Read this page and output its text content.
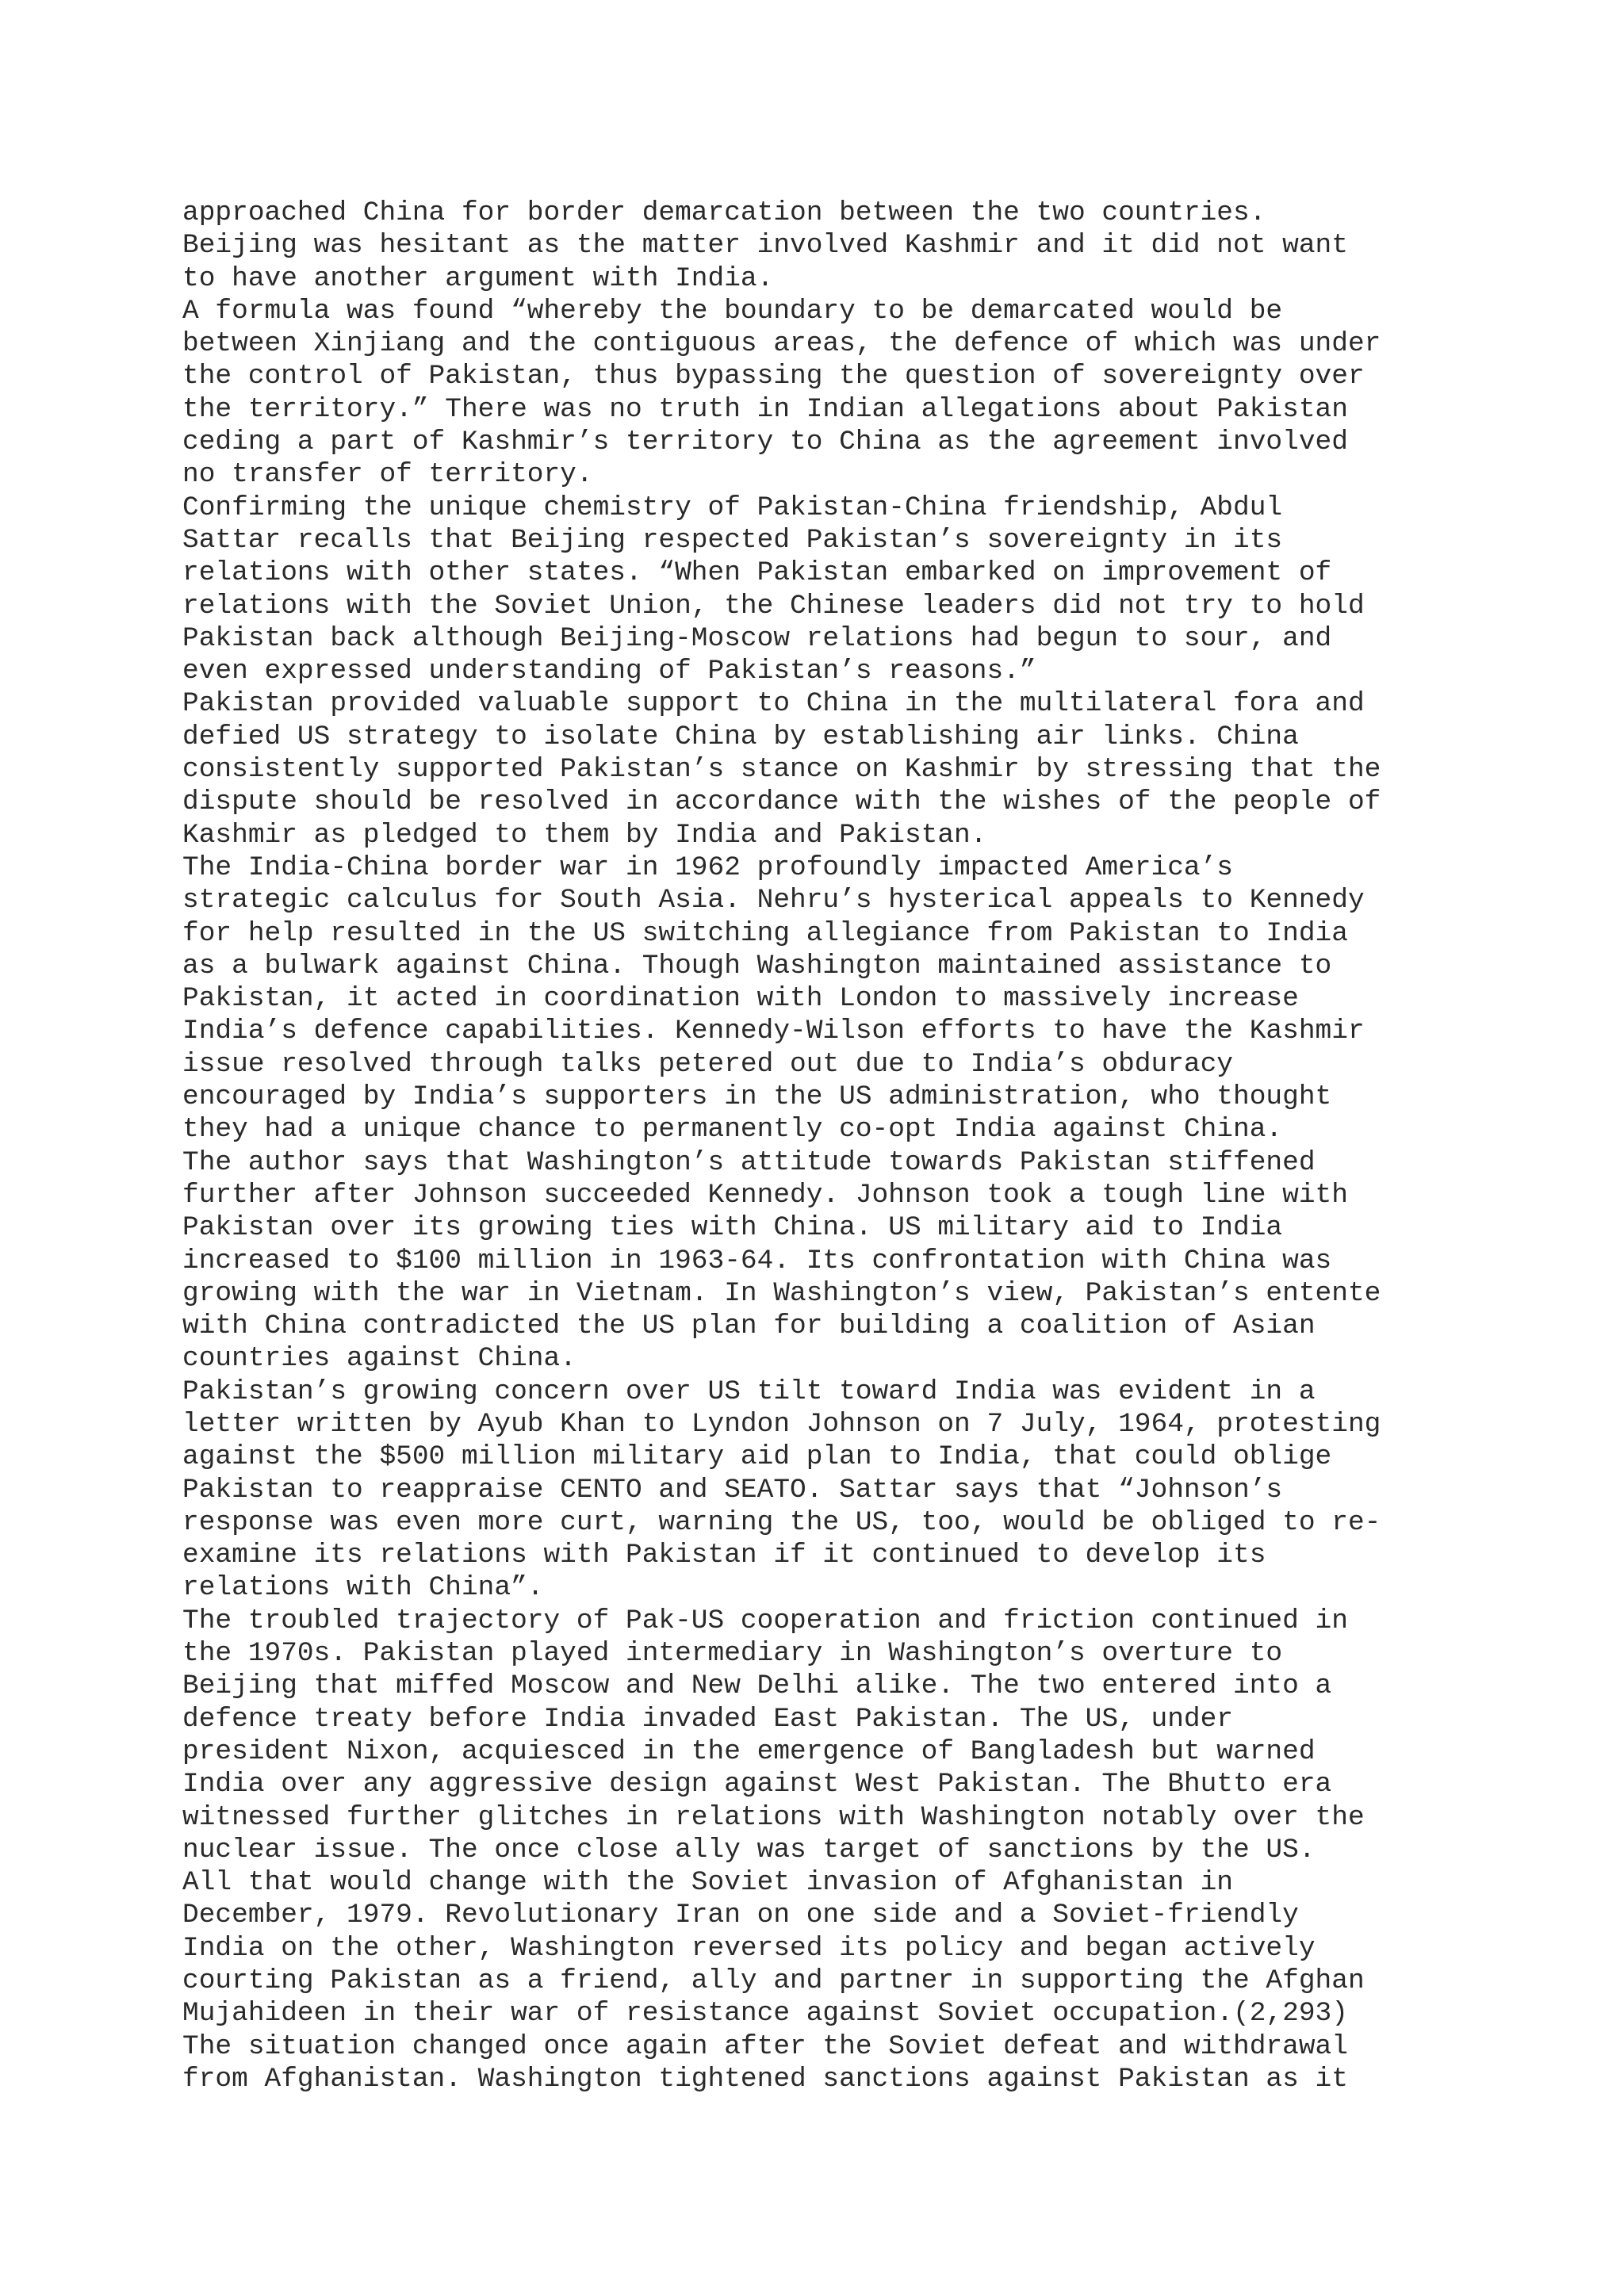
approached China for border demarcation between the two countries.
Beijing was hesitant as the matter involved Kashmir and it did not want
to have another argument with India.
A formula was found “whereby the boundary to be demarcated would be
between Xinjiang and the contiguous areas, the defence of which was under
the control of Pakistan, thus bypassing the question of sovereignty over
the territory.” There was no truth in Indian allegations about Pakistan
ceding a part of Kashmir’s territory to China as the agreement involved
no transfer of territory.
Confirming the unique chemistry of Pakistan-China friendship, Abdul
Sattar recalls that Beijing respected Pakistan’s sovereignty in its
relations with other states. “When Pakistan embarked on improvement of
relations with the Soviet Union, the Chinese leaders did not try to hold
Pakistan back although Beijing-Moscow relations had begun to sour, and
even expressed understanding of Pakistan’s reasons.”
Pakistan provided valuable support to China in the multilateral fora and
defied US strategy to isolate China by establishing air links. China
consistently supported Pakistan’s stance on Kashmir by stressing that the
dispute should be resolved in accordance with the wishes of the people of
Kashmir as pledged to them by India and Pakistan.
The India-China border war in 1962 profoundly impacted America’s
strategic calculus for South Asia. Nehru’s hysterical appeals to Kennedy
for help resulted in the US switching allegiance from Pakistan to India
as a bulwark against China. Though Washington maintained assistance to
Pakistan, it acted in coordination with London to massively increase
India’s defence capabilities. Kennedy-Wilson efforts to have the Kashmir
issue resolved through talks petered out due to India’s obduracy
encouraged by India’s supporters in the US administration, who thought
they had a unique chance to permanently co-opt India against China.
The author says that Washington’s attitude towards Pakistan stiffened
further after Johnson succeeded Kennedy. Johnson took a tough line with
Pakistan over its growing ties with China. US military aid to India
increased to $100 million in 1963-64. Its confrontation with China was
growing with the war in Vietnam. In Washington’s view, Pakistan’s entente
with China contradicted the US plan for building a coalition of Asian
countries against China.
Pakistan’s growing concern over US tilt toward India was evident in a
letter written by Ayub Khan to Lyndon Johnson on 7 July, 1964, protesting
against the $500 million military aid plan to India, that could oblige
Pakistan to reappraise CENTO and SEATO. Sattar says that “Johnson’s
response was even more curt, warning the US, too, would be obliged to re-
examine its relations with Pakistan if it continued to develop its
relations with China”.
The troubled trajectory of Pak-US cooperation and friction continued in
the 1970s. Pakistan played intermediary in Washington’s overture to
Beijing that miffed Moscow and New Delhi alike. The two entered into a
defence treaty before India invaded East Pakistan. The US, under
president Nixon, acquiesced in the emergence of Bangladesh but warned
India over any aggressive design against West Pakistan. The Bhutto era
witnessed further glitches in relations with Washington notably over the
nuclear issue. The once close ally was target of sanctions by the US.
All that would change with the Soviet invasion of Afghanistan in
December, 1979. Revolutionary Iran on one side and a Soviet-friendly
India on the other, Washington reversed its policy and began actively
courting Pakistan as a friend, ally and partner in supporting the Afghan
Mujahideen in their war of resistance against Soviet occupation.(2,293)
The situation changed once again after the Soviet defeat and withdrawal
from Afghanistan. Washington tightened sanctions against Pakistan as it
